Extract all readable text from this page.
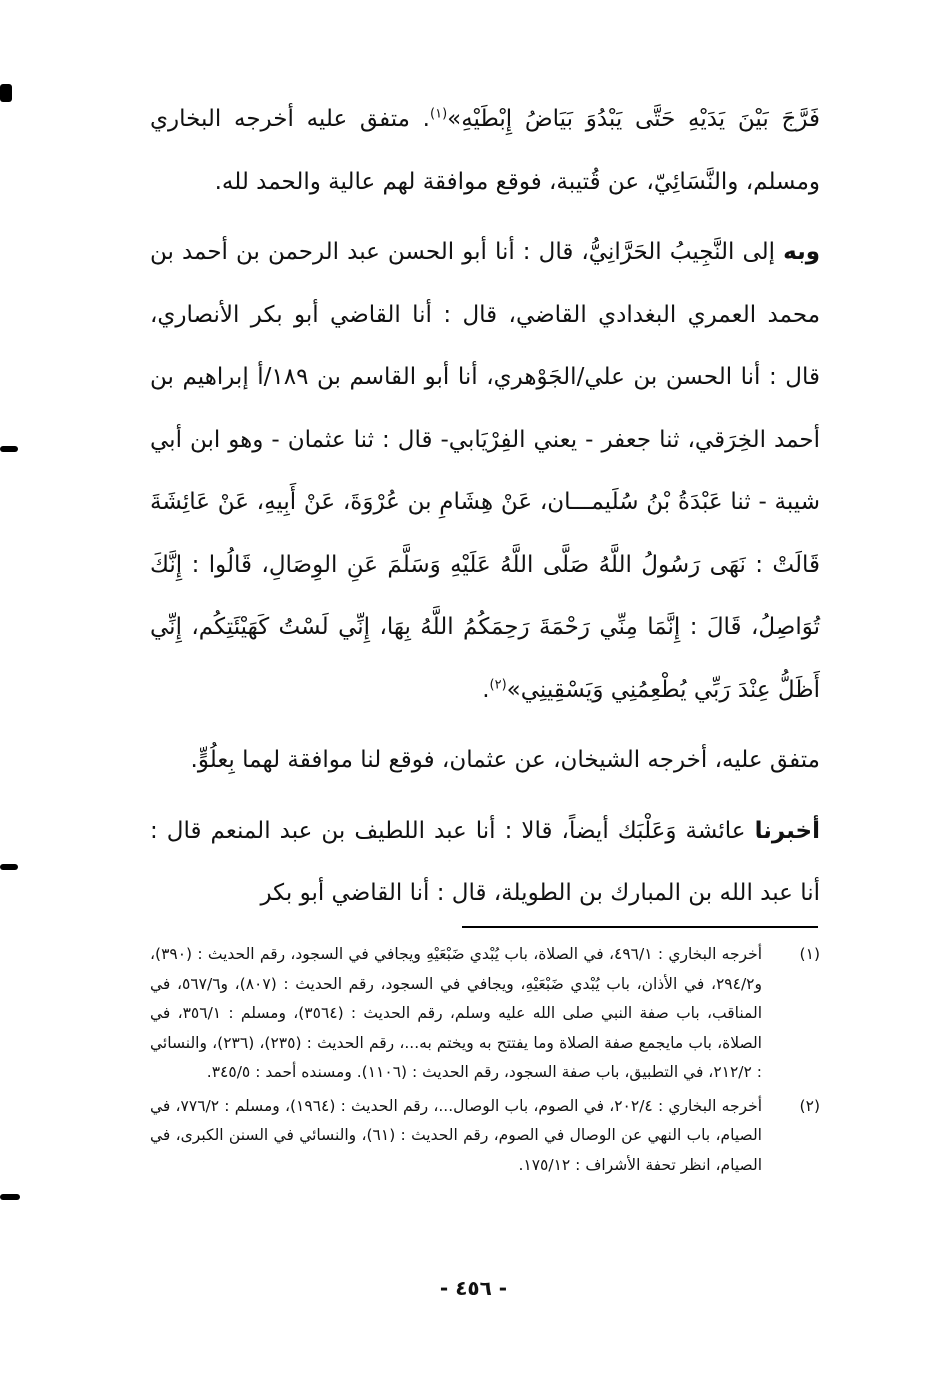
فَرَّجَ بَيْنَ يَدَيْهِ حَتَّى يَبْدُوَ بَيَاضُ إِبْطَيْهِ»$^{(١)}$. متفق عليه أخرجه البخاري ومسلم، والنَّسَائِيّ، عن قُتيبة، فوقع موافقة لهم عالية والحمد لله.

وبه إلى النَّجِيبُ الحَرَّانِيُّ، قال : أنا أبو الحسن عبد الرحمن بن أحمد بن محمد العمري البغدادي القاضي، قال : أنا القاضي أبو بكر الأنصاري، قال : أنا الحسن بن علي/الجَوْهري، أنا أبو القاسم بن ١٨٩/أ إبراهيم بن أحمد الخِرَقي، ثنا جعفر - يعني الفِرْيَابي- قال : ثنا عثمان - وهو ابن أبي شيبة - ثنا عَبْدَةُ بْنُ سُلَيمـــان، عَنْ هِشَامِ بن عُرْوَةَ، عَنْ أَبِيهِ، عَنْ عَائِشَةَ قَالَتْ : نَهَى رَسُولُ اللَّهُ صَلَّى اللَّهُ عَلَيْهِ وَسَلَّمَ عَنِ الوِصَالِ، قَالُوا : إِنَّكَ تُوَاصِلُ، قَالَ : إِنَّمَا مِنِّي رَحْمَةَ رَحِمَكُمُ اللَّهُ بِهَا، إِنِّي لَسْتُ كَهَيْئَتِكُم، إِنِّي أَظَلُّ عِنْدَ رَبِّي يُطْعِمُنِي وَيَسْقِينِي»$^{(٢)}$.

متفق عليه، أخرجه الشيخان، عن عثمان، فوقع لنا موافقة لهما بِعلُوٍّ.

أخبرنا عائشة وَعَلْبَك أيضاً، قالا : أنا عبد اللطيف بن عبد المنعم قال : أنا عبد الله بن المبارك بن الطويلة، قال : أنا القاضي أبو بكر

(١)
أخرجه البخاري : ٤٩٦/١، في الصلاة، باب يُبْدي ضَبْعَيْهِ ويجافي في السجود، رقم الحديث : (٣٩٠)، و٢٩٤/٢، في الأذان، باب يُبْدي ضَبْعَيْهِ، ويجافي في السجود، رقم الحديث : (٨٠٧)، و٥٦٧/٦، في المناقب، باب صفة النبي صلى الله عليه وسلم، رقم الحديث : (٣٥٦٤)، ومسلم : ٣٥٦/١، في الصلاة، باب مايجمع صفة الصلاة وما يفتتح به ويختم به...، رقم الحديث : (٢٣٥)، (٢٣٦)، والنسائي : ٢١٢/٢، في التطبيق، باب صفة السجود، رقم الحديث : (١١٠٦). ومسنده أحمد : ٣٤٥/٥.
(٢)
أخرجه البخاري : ٢٠٢/٤، في الصوم، باب الوصال...، رقم الحديث : (١٩٦٤)، ومسلم : ٧٧٦/٢، في الصيام، باب النهي عن الوصال في الصوم، رقم الحديث : (٦١)، والنسائي في السنن الكبرى، في الصيام، انظر تحفة الأشراف : ١٧٥/١٢.
- ٤٥٦ -
